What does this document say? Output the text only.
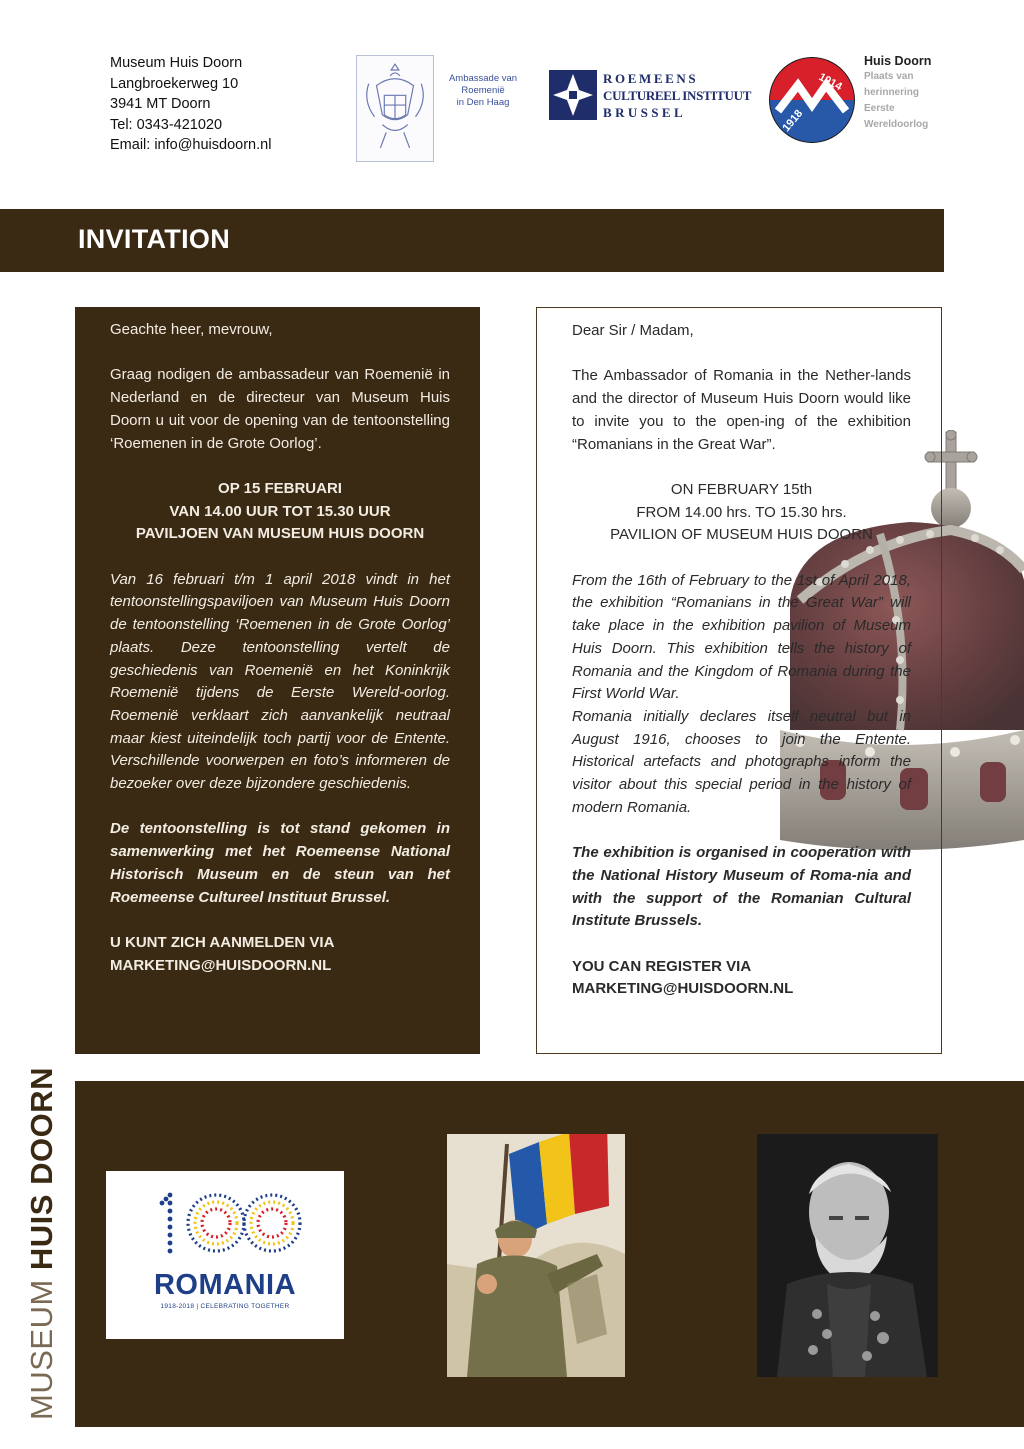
Museum Huis Doorn
Langbroekerweg 10
3941 MT Doorn
Tel: 0343-421020
Email: info@huisdoorn.nl
Ambassade van
Roemenië
in Den Haag
ROEMEENS
CULTUREEL INSTITUUT
BRUSSEL
1914
1918
Huis Doorn
Plaats van
herinnering
Eerste
Wereldoorlog
INVITATION

Geachte heer, mevrouw,

Graag nodigen de ambassadeur van Roemenië in Nederland en de directeur van Museum Huis Doorn u uit voor de opening van de tentoonstelling ‘Roemenen in de Grote Oorlog’.

OP 15 FEBRUARI
VAN 14.00 UUR TOT 15.30 UUR
PAVILJOEN VAN MUSEUM HUIS DOORN

Van 16 februari t/m 1 april 2018 vindt in het tentoonstellingspaviljoen van Museum Huis Doorn de tentoonstelling ‘Roemenen in de Grote Oorlog’ plaats. Deze tentoonstelling vertelt de geschiedenis van Roemenië en het Koninkrijk Roemenië tijdens de Eerste Wereld-oorlog. Roemenië verklaart zich aanvankelijk neutraal maar kiest uiteindelijk toch partij voor de Entente. Verschillende voorwerpen en foto’s informeren de bezoeker over deze bijzondere geschiedenis.

De tentoonstelling is tot stand gekomen in samenwerking met het Roemeense National Historisch Museum en de steun van het Roemeense Cultureel Instituut Brussel.

U KUNT ZICH AANMELDEN VIA
MARKETING@HUISDOORN.NL

Dear Sir / Madam,

The Ambassador of Romania in the Nether-lands and the director of Museum Huis Doorn would like to invite you to the open-ing of the exhibition “Romanians in the Great War”.

ON FEBRUARY 15th
FROM 14.00 hrs. TO 15.30 hrs.
PAVILION OF MUSEUM HUIS DOORN

From the 16th of February to the 1st of April 2018, the exhibition “Romanians in the Great War” will take place in the exhibition pavilion of Museum Huis Doorn. This exhibition tells the history of Romania and the Kingdom of Romania during the First World War.
Romania initially declares itself neutral but in August 1916, chooses to join the Entente. Historical artefacts and photographs inform the visitor about this special period in the history of modern Romania.

The exhibition is organised in cooperation with the National History Museum of Roma-nia and with the support of the Romanian Cultural Institute Brussels.

YOU CAN REGISTER VIA
MARKETING@HUISDOORN.NL

MUSEUM HUIS DOORN
ROMANIA
1918-2018 | CELEBRATING TOGETHER
